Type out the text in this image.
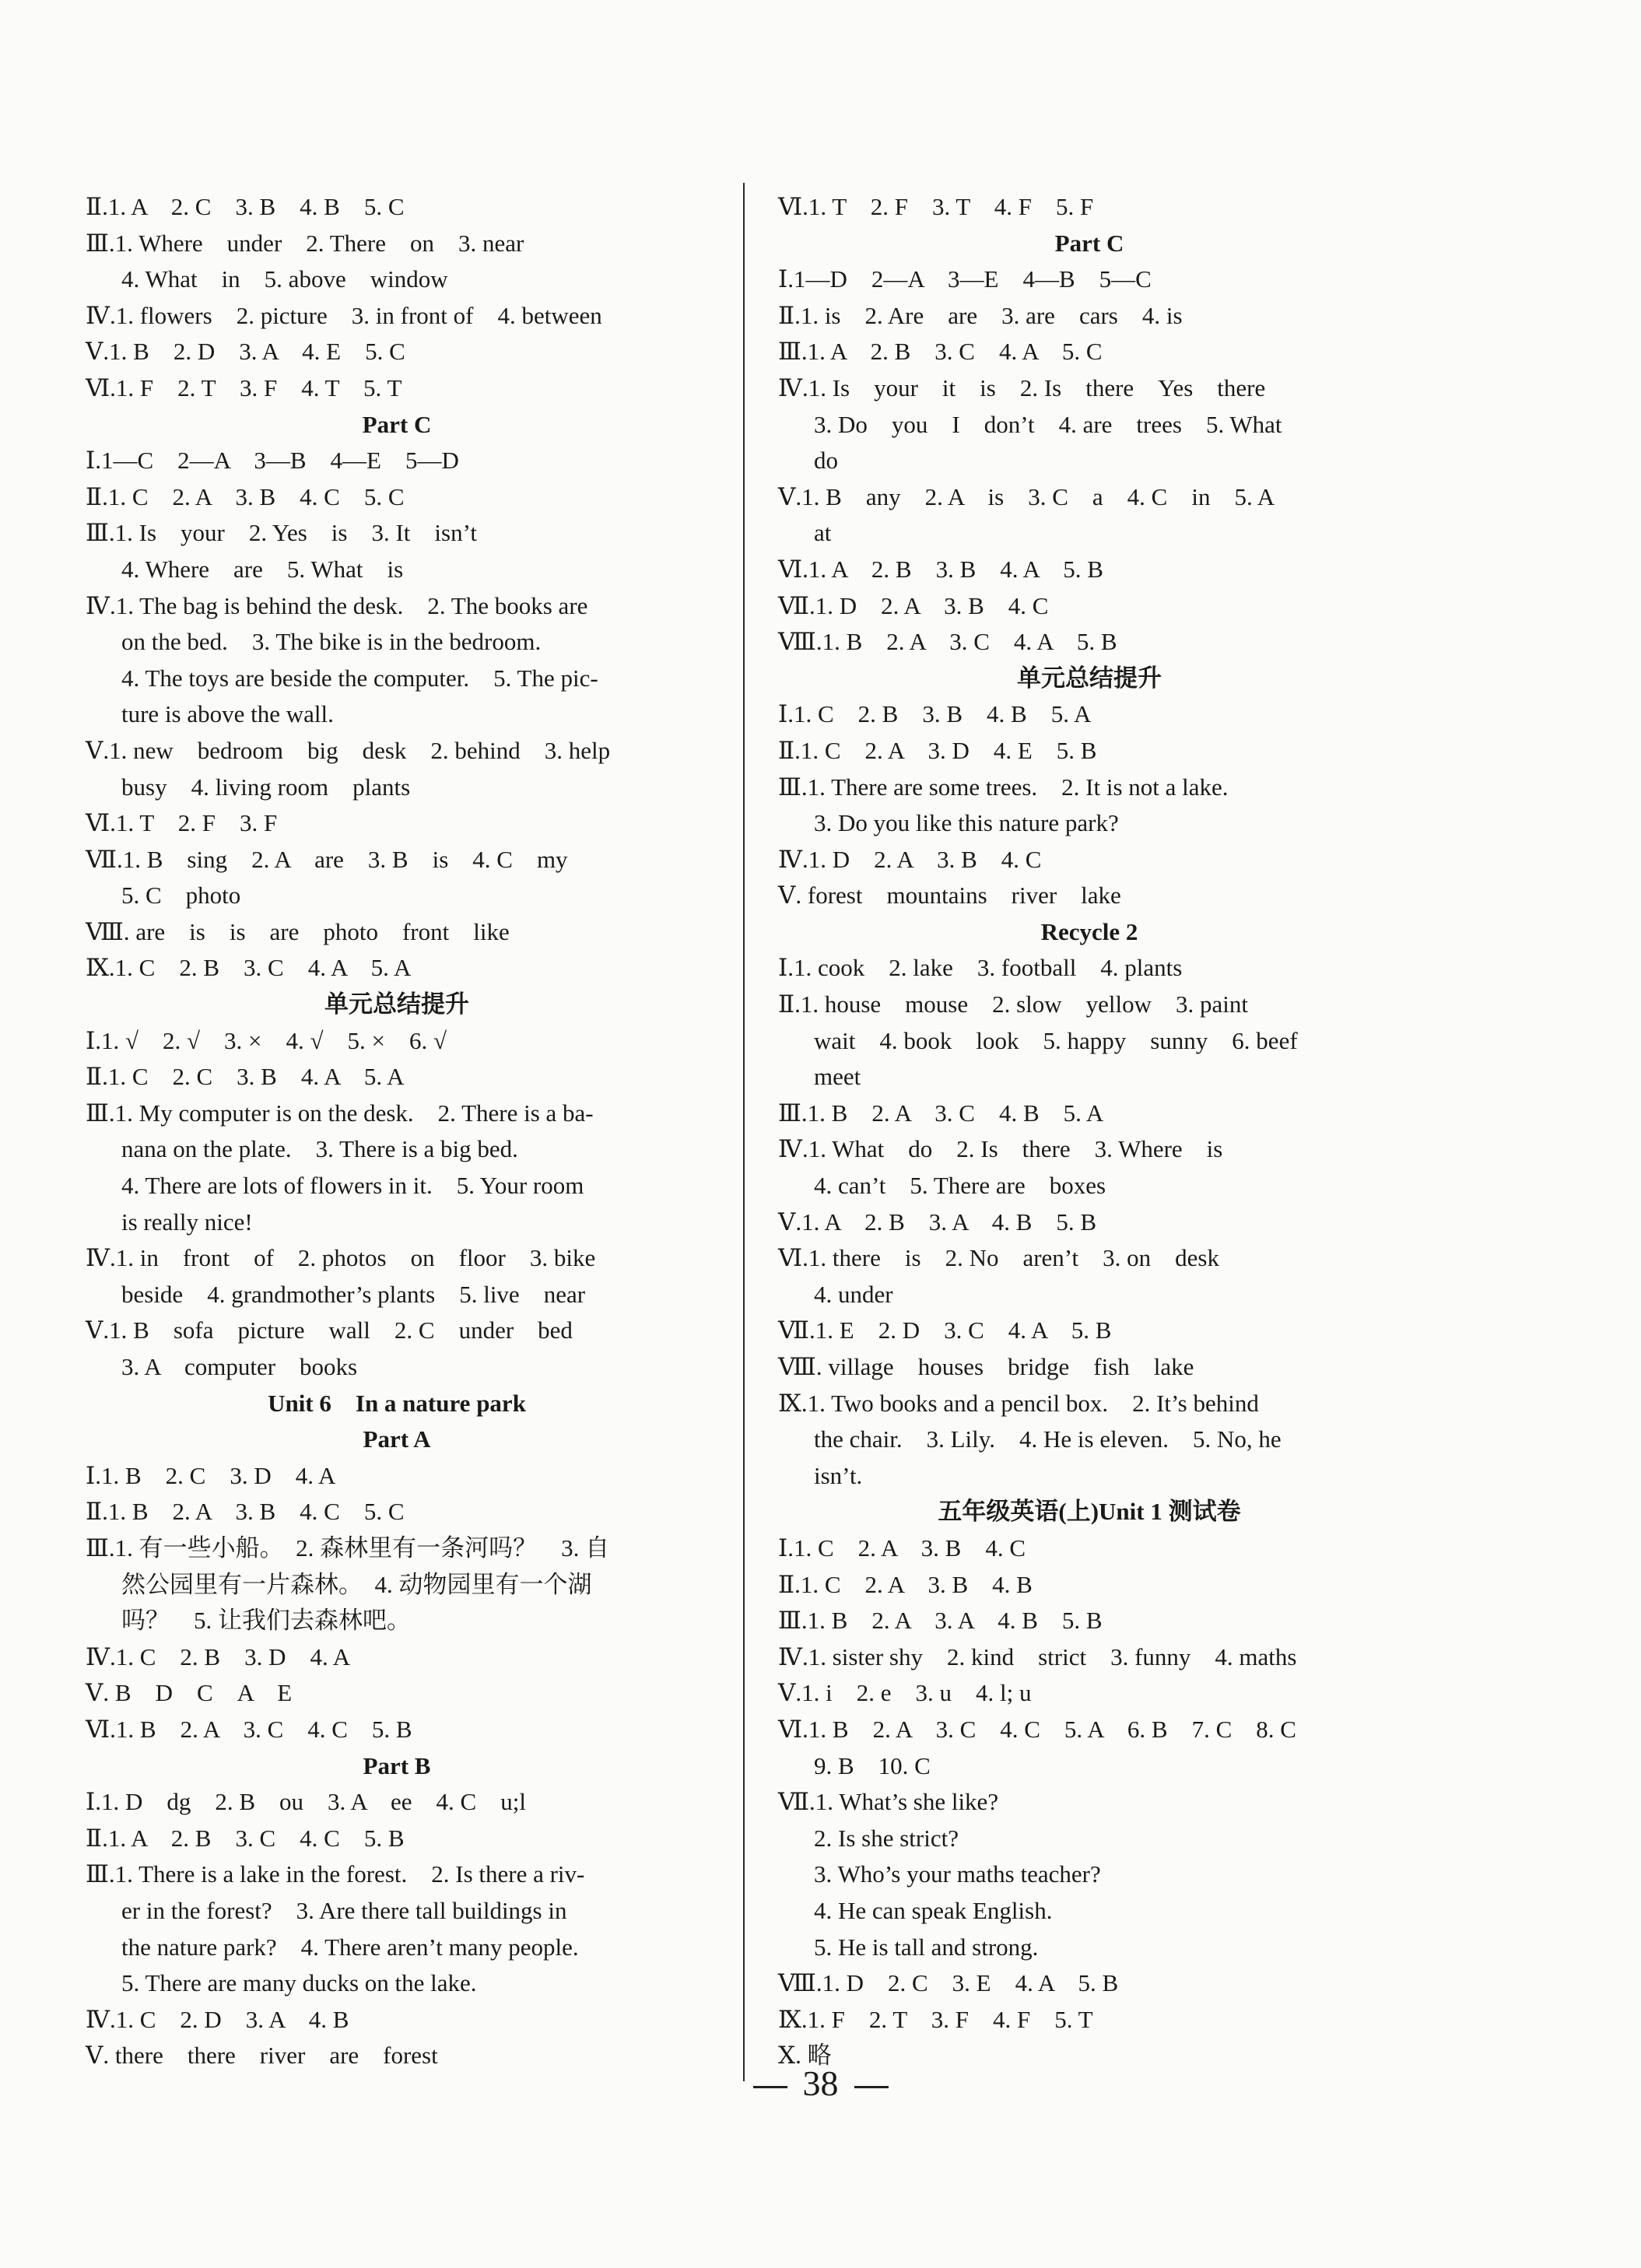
Ⅱ.1. A　2. C　3. B　4. B　5. C
Ⅲ.1. Where　under　2. There　on　3. near
4. What　in　5. above　window
Ⅳ.1. flowers　2. picture　3. in front of　4. between
Ⅴ.1. B　2. D　3. A　4. E　5. C
Ⅵ.1. F　2. T　3. F　4. T　5. T
Part C
Ⅰ.1—C　2—A　3—B　4—E　5—D
Ⅱ.1. C　2. A　3. B　4. C　5. C
Ⅲ.1. Is　your　2. Yes　is　3. It　isn’t
4. Where　are　5. What　is
Ⅳ.1. The bag is behind the desk.　2. The books are
on the bed.　3. The bike is in the bedroom.
4. The toys are beside the computer.　5. The pic-
ture is above the wall.
Ⅴ.1. new　bedroom　big　desk　2. behind　3. help
busy　4. living room　plants
Ⅵ.1. T　2. F　3. F
Ⅶ.1. B　sing　2. A　are　3. B　is　4. C　my
5. C　photo
Ⅷ. are　is　is　are　photo　front　like
Ⅸ.1. C　2. B　3. C　4. A　5. A
单元总结提升
Ⅰ.1. √　2. √　3. ×　4. √　5. ×　6. √
Ⅱ.1. C　2. C　3. B　4. A　5. A
Ⅲ.1. My computer is on the desk.　2. There is a ba-
nana on the plate.　3. There is a big bed.
4. There are lots of flowers in it.　5. Your room
is really nice!
Ⅳ.1. in　front　of　2. photos　on　floor　3. bike
beside　4. grandmother’s plants　5. live　near
Ⅴ.1. B　sofa　picture　wall　2. C　under　bed
3. A　computer　books
Unit 6　In a nature park
Part A
Ⅰ.1. B　2. C　3. D　4. A
Ⅱ.1. B　2. A　3. B　4. C　5. C
Ⅲ.1. 有一些小船。　2. 森林里有一条河吗？　3. 自
然公园里有一片森林。　4. 动物园里有一个湖
吗？　5. 让我们去森林吧。
Ⅳ.1. C　2. B　3. D　4. A
Ⅴ. B　D　C　A　E
Ⅵ.1. B　2. A　3. C　4. C　5. B
Part B
Ⅰ.1. D　dg　2. B　ou　3. A　ee　4. C　u;l
Ⅱ.1. A　2. B　3. C　4. C　5. B
Ⅲ.1. There is a lake in the forest.　2. Is there a riv-
er in the forest?　3. Are there tall buildings in
the nature park?　4. There aren’t many people.
5. There are many ducks on the lake.
Ⅳ.1. C　2. D　3. A　4. B
Ⅴ. there　there　river　are　forest
Ⅵ.1. T　2. F　3. T　4. F　5. F
Part C
Ⅰ.1—D　2—A　3—E　4—B　5—C
Ⅱ.1. is　2. Are　are　3. are　cars　4. is
Ⅲ.1. A　2. B　3. C　4. A　5. C
Ⅳ.1. Is　your　it　is　2. Is　there　Yes　there
3. Do　you　I　don’t　4. are　trees　5. What
do
Ⅴ.1. B　any　2. A　is　3. C　a　4. C　in　5. A
at
Ⅵ.1. A　2. B　3. B　4. A　5. B
Ⅶ.1. D　2. A　3. B　4. C
Ⅷ.1. B　2. A　3. C　4. A　5. B
单元总结提升
Ⅰ.1. C　2. B　3. B　4. B　5. A
Ⅱ.1. C　2. A　3. D　4. E　5. B
Ⅲ.1. There are some trees.　2. It is not a lake.
3. Do you like this nature park?
Ⅳ.1. D　2. A　3. B　4. C
Ⅴ. forest　mountains　river　lake
Recycle 2
Ⅰ.1. cook　2. lake　3. football　4. plants
Ⅱ.1. house　mouse　2. slow　yellow　3. paint
wait　4. book　look　5. happy　sunny　6. beef
meet
Ⅲ.1. B　2. A　3. C　4. B　5. A
Ⅳ.1. What　do　2. Is　there　3. Where　is
4. can’t　5. There are　boxes
Ⅴ.1. A　2. B　3. A　4. B　5. B
Ⅵ.1. there　is　2. No　aren’t　3. on　desk
4. under
Ⅶ.1. E　2. D　3. C　4. A　5. B
Ⅷ. village　houses　bridge　fish　lake
Ⅸ.1. Two books and a pencil box.　2. It’s behind
the chair.　3. Lily.　4. He is eleven.　5. No, he
isn’t.
五年级英语(上)Unit 1 测试卷
Ⅰ.1. C　2. A　3. B　4. C
Ⅱ.1. C　2. A　3. B　4. B
Ⅲ.1. B　2. A　3. A　4. B　5. B
Ⅳ.1. sister shy　2. kind　strict　3. funny　4. maths
Ⅴ.1. i　2. e　3. u　4. l; u
Ⅵ.1. B　2. A　3. C　4. C　5. A　6. B　7. C　8. C
9. B　10. C
Ⅶ.1. What’s she like?
2. Is she strict?
3. Who’s your maths teacher?
4. He can speak English.
5. He is tall and strong.
Ⅷ.1. D　2. C　3. E　4. A　5. B
Ⅸ.1. F　2. T　3. F　4. F　5. T
Ⅹ. 略
38
